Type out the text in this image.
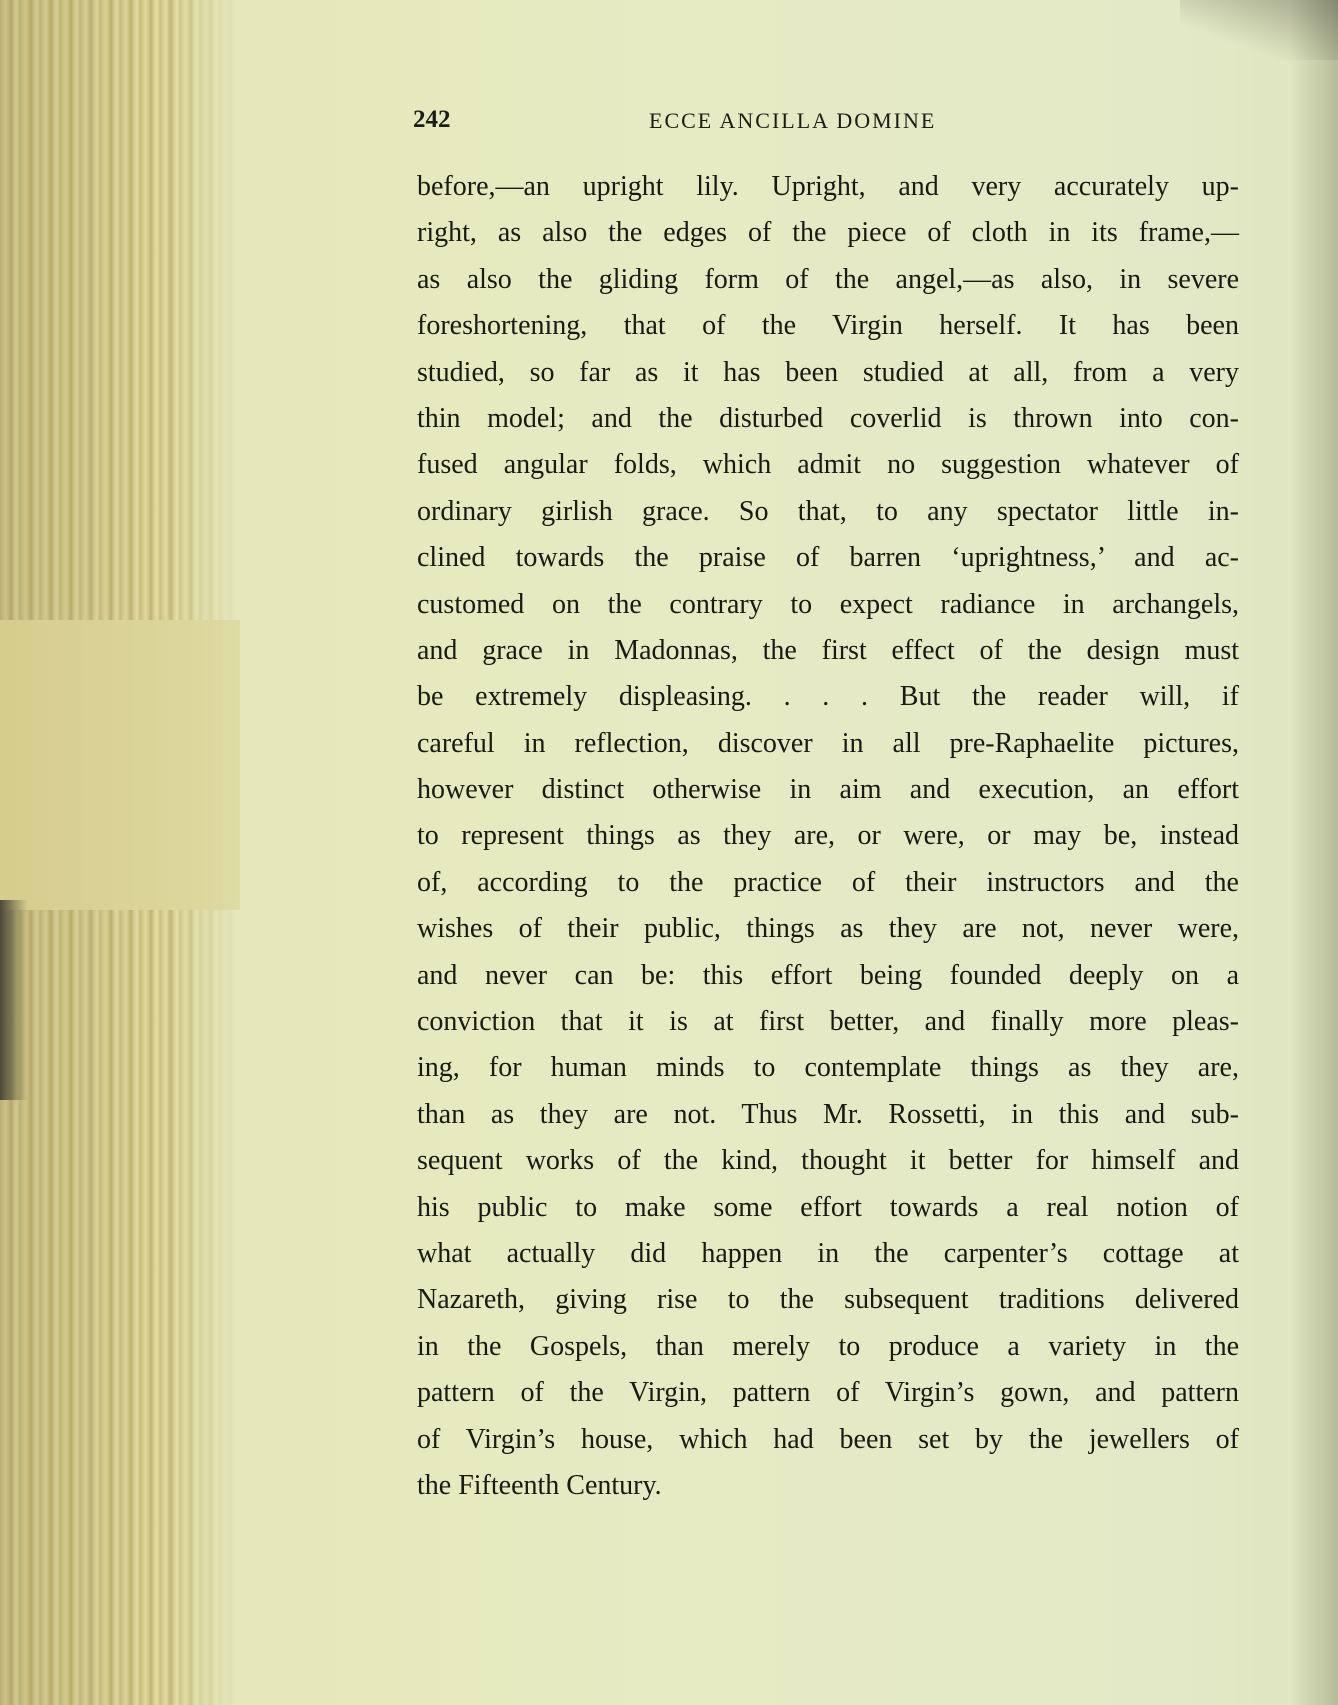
242	ECCE ANCILLA DOMINE
before,—an upright lily. Upright, and very accurately up-
right, as also the edges of the piece of cloth in its frame,—
as also the gliding form of the angel,—as also, in severe
foreshortening, that of the Virgin herself. It has been
studied, so far as it has been studied at all, from a very
thin model; and the disturbed coverlid is thrown into con-
fused angular folds, which admit no suggestion whatever of
ordinary girlish grace. So that, to any spectator little in-
clined towards the praise of barren ‘uprightness,’ and ac-
customed on the contrary to expect radiance in archangels,
and grace in Madonnas, the first effect of the design must
be extremely displeasing. . . . But the reader will, if
careful in reflection, discover in all pre-Raphaelite pictures,
however distinct otherwise in aim and execution, an effort
to represent things as they are, or were, or may be, instead
of, according to the practice of their instructors and the
wishes of their public, things as they are not, never were,
and never can be: this effort being founded deeply on a
conviction that it is at first better, and finally more pleas-
ing, for human minds to contemplate things as they are,
than as they are not. Thus Mr. Rossetti, in this and sub-
sequent works of the kind, thought it better for himself and
his public to make some effort towards a real notion of
what actually did happen in the carpenter’s cottage at
Nazareth, giving rise to the subsequent traditions delivered
in the Gospels, than merely to produce a variety in the
pattern of the Virgin, pattern of Virgin’s gown, and pattern
of Virgin’s house, which had been set by the jewellers of
the Fifteenth Century.
